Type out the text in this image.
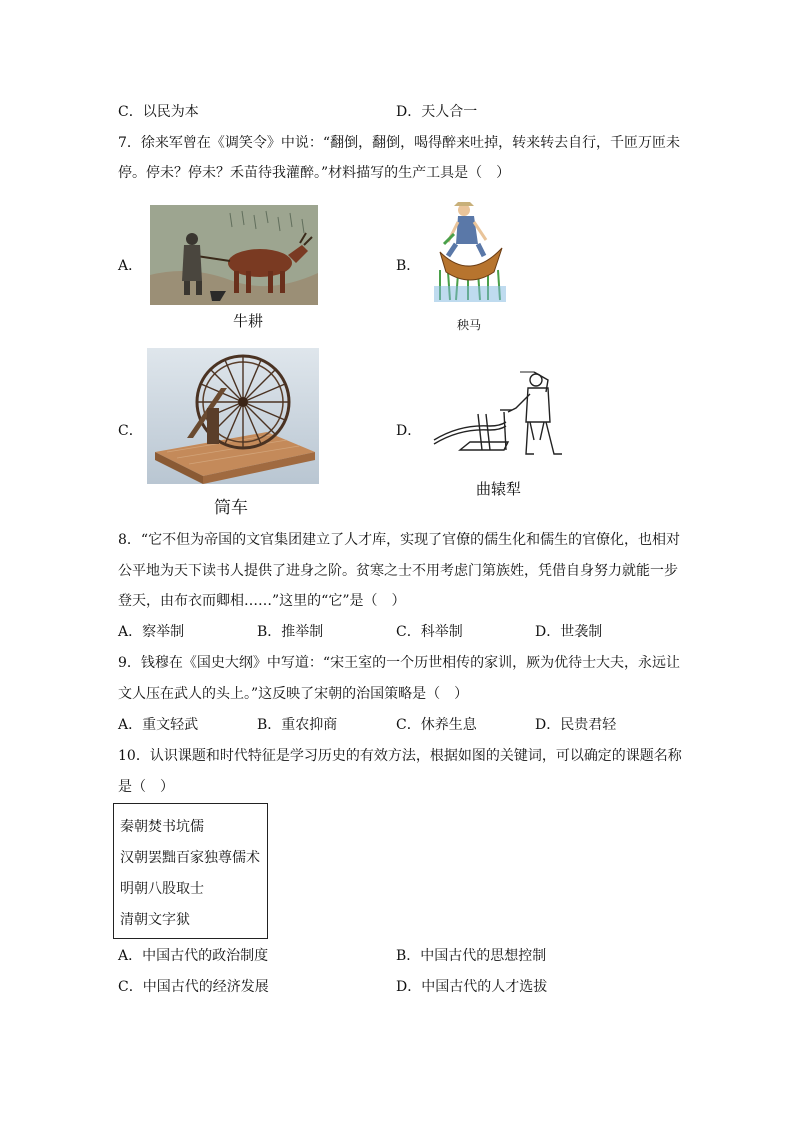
C．以民为本	D．天人合一
7．徐来军曾在《调笑令》中说：“翻倒，翻倒，喝得醉来吐掉，转来转去自行，千匝万匝未
停。停未？停未？禾苗待我灌醉。”材料描写的生产工具是（　）
A．
牛耕
B．
秧马
C．
筒车
D．
曲辕犁
8．“它不但为帝国的文官集团建立了人才库，实现了官僚的儒生化和儒生的官僚化，也相对
公平地为天下读书人提供了进身之阶。贫寒之士不用考虑门第族姓，凭借自身努力就能一步
登天，由布衣而卿相……”这里的“它”是（　）
A．察举制	B．推举制	C．科举制	D．世袭制
9．钱穆在《国史大纲》中写道：“宋王室的一个历世相传的家训，厥为优待士大夫，永远让
文人压在武人的头上。”这反映了宋朝的治国策略是（　）
A．重文轻武	B．重农抑商	C．休养生息	D．民贵君轻
10．认识课题和时代特征是学习历史的有效方法，根据如图的关键词，可以确定的课题名称
是（　）
秦朝焚书坑儒
汉朝罢黜百家独尊儒术
明朝八股取士
清朝文字狱
A．中国古代的政治制度	B．中国古代的思想控制
C．中国古代的经济发展	D．中国古代的人才选拔
